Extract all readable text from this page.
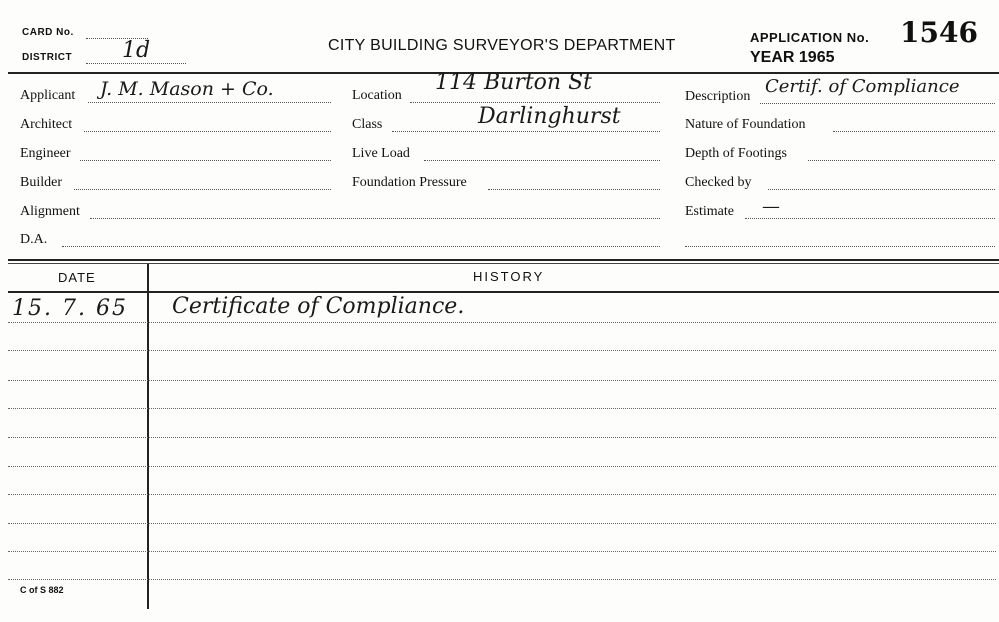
CARD No.
DISTRICT 1d	CITY BUILDING SURVEYOR'S DEPARTMENT	APPLICATION No. 1546
YEAR 1965
Applicant J. M. Mason + Co.
Architect
Engineer
Builder
Alignment
D.A.
Location
114 Burton St
Class	Darlinghurst
Live Load
Foundation Pressure
Description Certif. of Compliance
Nature of Foundation
Depth of Footings
Checked by
Estimate —
DATE	HISTORY
15. 7. 65 Certificate of Compliance.
C of S 882
